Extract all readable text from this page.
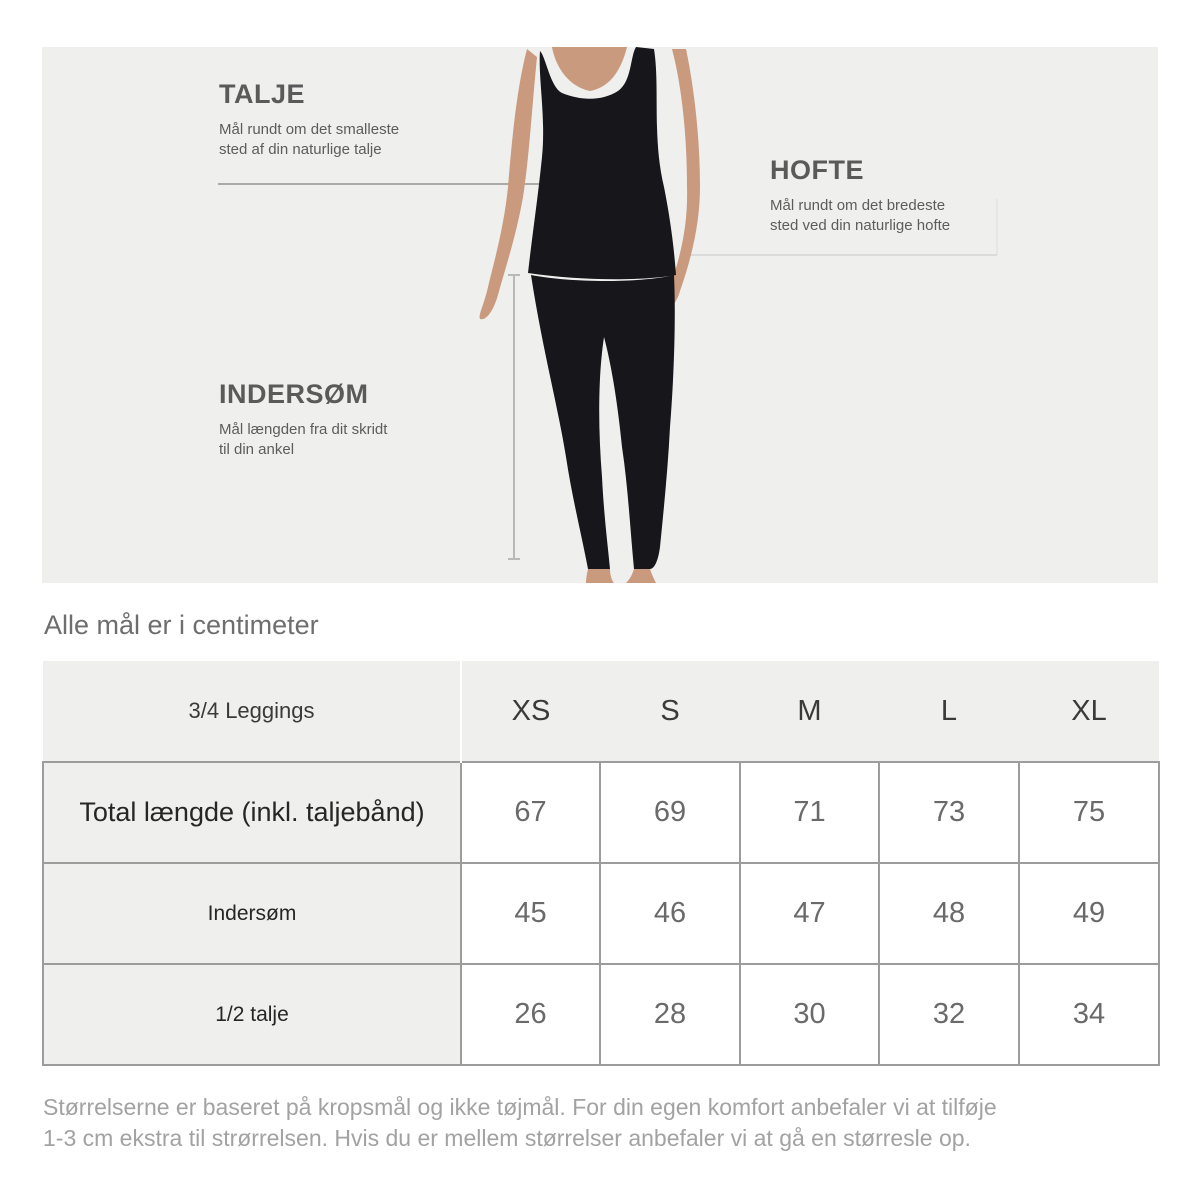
TALJE

Mål rundt om det smalleste
sted af din naturlige talje

HOFTE

Mål rundt om det bredeste
sted ved din naturlige hofte

INDERSØM

Mål længden fra dit skridt
til din ankel

Alle mål er i centimeter
3/4 Leggings	XS	S	M	L	XL
Total længde (inkl. taljebånd)	67	69	71	73	75
Indersøm	45	46	47	48	49
1/2 talje	26	28	30	32	34
Størrelserne er baseret på kropsmål og ikke tøjmål. For din egen komfort anbefaler vi at tilføje
1-3 cm ekstra til strørrelsen. Hvis du er mellem størrelser anbefaler vi at gå en størresle op.
